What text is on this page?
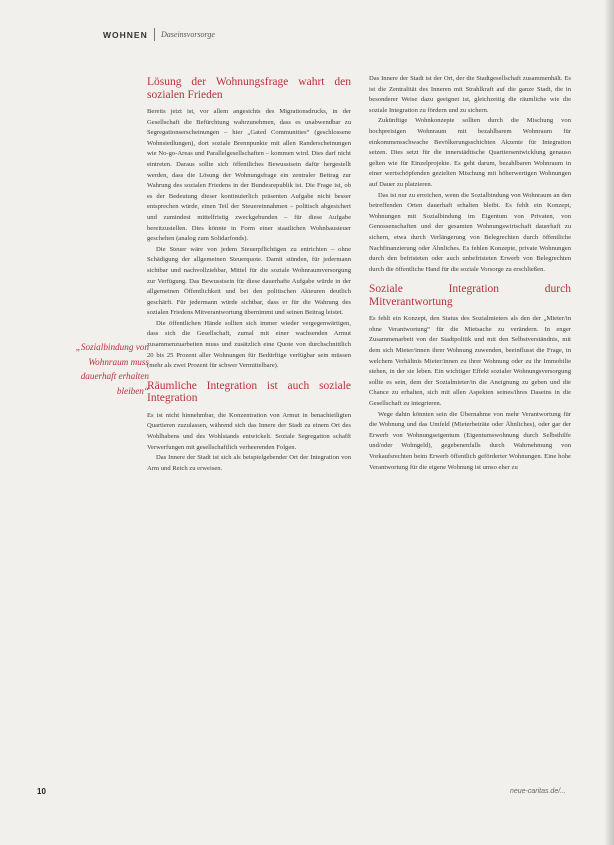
WOHNEN Daseinsvorsorge
„Sozialbindung von Wohnraum muss dauerhaft erhalten bleiben“
Lösung der Wohnungsfrage wahrt den sozialen Frieden

Bereits jetzt ist, vor allem angesichts des Migrationsdrucks, in der Gesellschaft die Befürchtung wahrzunehmen, dass es unabwendbar zu Segregationserscheinungen – hier „Gated Communities“ (geschlossene Wohnsiedlungen), dort soziale Brennpunkte mit allen Randerscheinungen wie No-go-Areas und Parallelgesellschaften – kommen wird. Dies darf nicht eintreten. Daraus sollte sich öffentliches Bewusstsein dafür hergestellt werden, dass die Lösung der Wohnungsfrage ein zentraler Beitrag zur Wahrung des sozialen Friedens in der Bundesrepublik ist. Die Frage ist, ob es der Bedeutung dieser kontinuierlich präsenten Aufgabe nicht besser entsprechen würde, einen Teil der Steuereinnahmen – politisch abgesichert und zumindest mittelfristig zweckgebunden – für diese Aufgabe bereitzustellen. Dies könnte in Form einer staatlichen Wohnbausteuer geschehen (analog zum Solidarfonds).

Die Steuer wäre von jedem Steuerpflichtigen zu entrichten – ohne Schädigung der allgemeinen Steuerquote. Damit stünden, für jedermann sichtbar und nachvollziehbar, Mittel für die soziale Wohnraumversorgung zur Verfügung. Das Bewusstsein für diese dauerhafte Aufgabe würde in der allgemeinen Öffentlichkeit und bei den politischen Akteuren deutlich geschärft. Für jedermann würde sichtbar, dass er für die Wahrung des sozialen Friedens Mitverantwortung übernimmt und seinen Beitrag leistet.

Die öffentlichen Hände sollten sich immer wieder vergegenwärtigen, dass sich die Gesellschaft, zumal mit einer wachsenden Armut zusammenzuarbeiten muss und zusätzlich eine Quote von durchschnittlich 20 bis 25 Prozent aller Wohnungen für Bedürftige verfügbar sein müssen (mehr als zwei Prozent für schwer Vermittelbare).

Räumliche Integration ist auch soziale Integration

Es ist nicht hinnehmbar, die Konzentration von Armut in benachteiligten Quartieren zuzulassen, während sich das Innere der Stadt zu einem Ort des Wohlhabens und des Wohlstands entwickelt. Soziale Segregation schafft Verwerfungen mit gesellschaftlich verheerenden Folgen.

Das Innere der Stadt ist sich als beispielgebender Ort der Integration von Arm und Reich zu erweisen.

Das Innere der Stadt ist der Ort, der die Stadtgesellschaft zusammenhält. Es ist die Zentralität des Inneren mit Strahlkraft auf die ganze Stadt, die in besonderer Weise dazu geeignet ist, gleichzeitig die räumliche wie die soziale Integration zu fördern und zu sichern.

Zukünftige Wohnkonzepte sollten durch die Mischung von hochpreisigen Wohnraum mit bezahlbarem Wohnraum für einkommensschwache Bevölkerungsschichten Akzente für Integration setzen. Dies setzt für die innerstädtische Quartiersentwicklung genauso gelten wie für Einzelprojekte. Es geht darum, bezahlbaren Wohnraum in einer wertschöpfenden gezielten Mischung mit höherwertigen Wohnungen auf Dauer zu platzieren.

Das ist nur zu erreichen, wenn die Sozialbindung von Wohnraum an den betreffenden Orten dauerhaft erhalten bleibt. Es fehlt ein Konzept, Wohnungen mit Sozialbindung im Eigentum von Privaten, von Genossenschaften und der gesamten Wohnungswirtschaft dauerhaft zu sichern, etwa durch Verlängerung von Belegrechten durch öffentliche Nachfinanzierung oder Ähnliches. Es fehlen Konzepte, private Wohnungen durch den befristeten oder auch unbefristeten Erwerb von Belegrechten durch die öffentliche Hand für die soziale Vorsorge zu erschließen.

Soziale Integration durch Mitverantwortung

Es fehlt ein Konzept, den Status des Sozialmieters als den der „Mieter/in ohne Verantwortung“ für die Mietsache zu verändern. In enger Zusammenarbeit von der Stadtpolitik und mit den Selbstverständnis, mit dem sich Mieter/innen ihrer Wohnung zuwenden, beeinflusst die Frage, in welchem Verhältnis Mieter/innen zu ihrer Wohnung oder zu ihr Immobilie stehen, in der sie leben. Ein wichtiger Effekt sozialer Wohnungsversorgung sollte es sein, dem der Sozialmieter/in die Aneignung zu geben und die Chance zu erhalten, sich mit allen Aspekten seines/ihres Daseins in die Gesellschaft zu integrieren.

Wege dahin könnten sein die Übernahme von mehr Verantwortung für die Wohnung und das Umfeld (Mieterbeiräte oder Ähnliches), oder gar der Erwerb von Wohnungseigentum (Eigentumswohnung durch Selbsthilfe und/oder Wohngeld), gegebenenfalls durch Wahrnehmung von Vorkaufsrechten beim Erwerb öffentlich geförderter Wohnungen. Eine hohe Verantwortung für die eigene Wohnung ist umso eher zu

10	neue-caritas.de/...
